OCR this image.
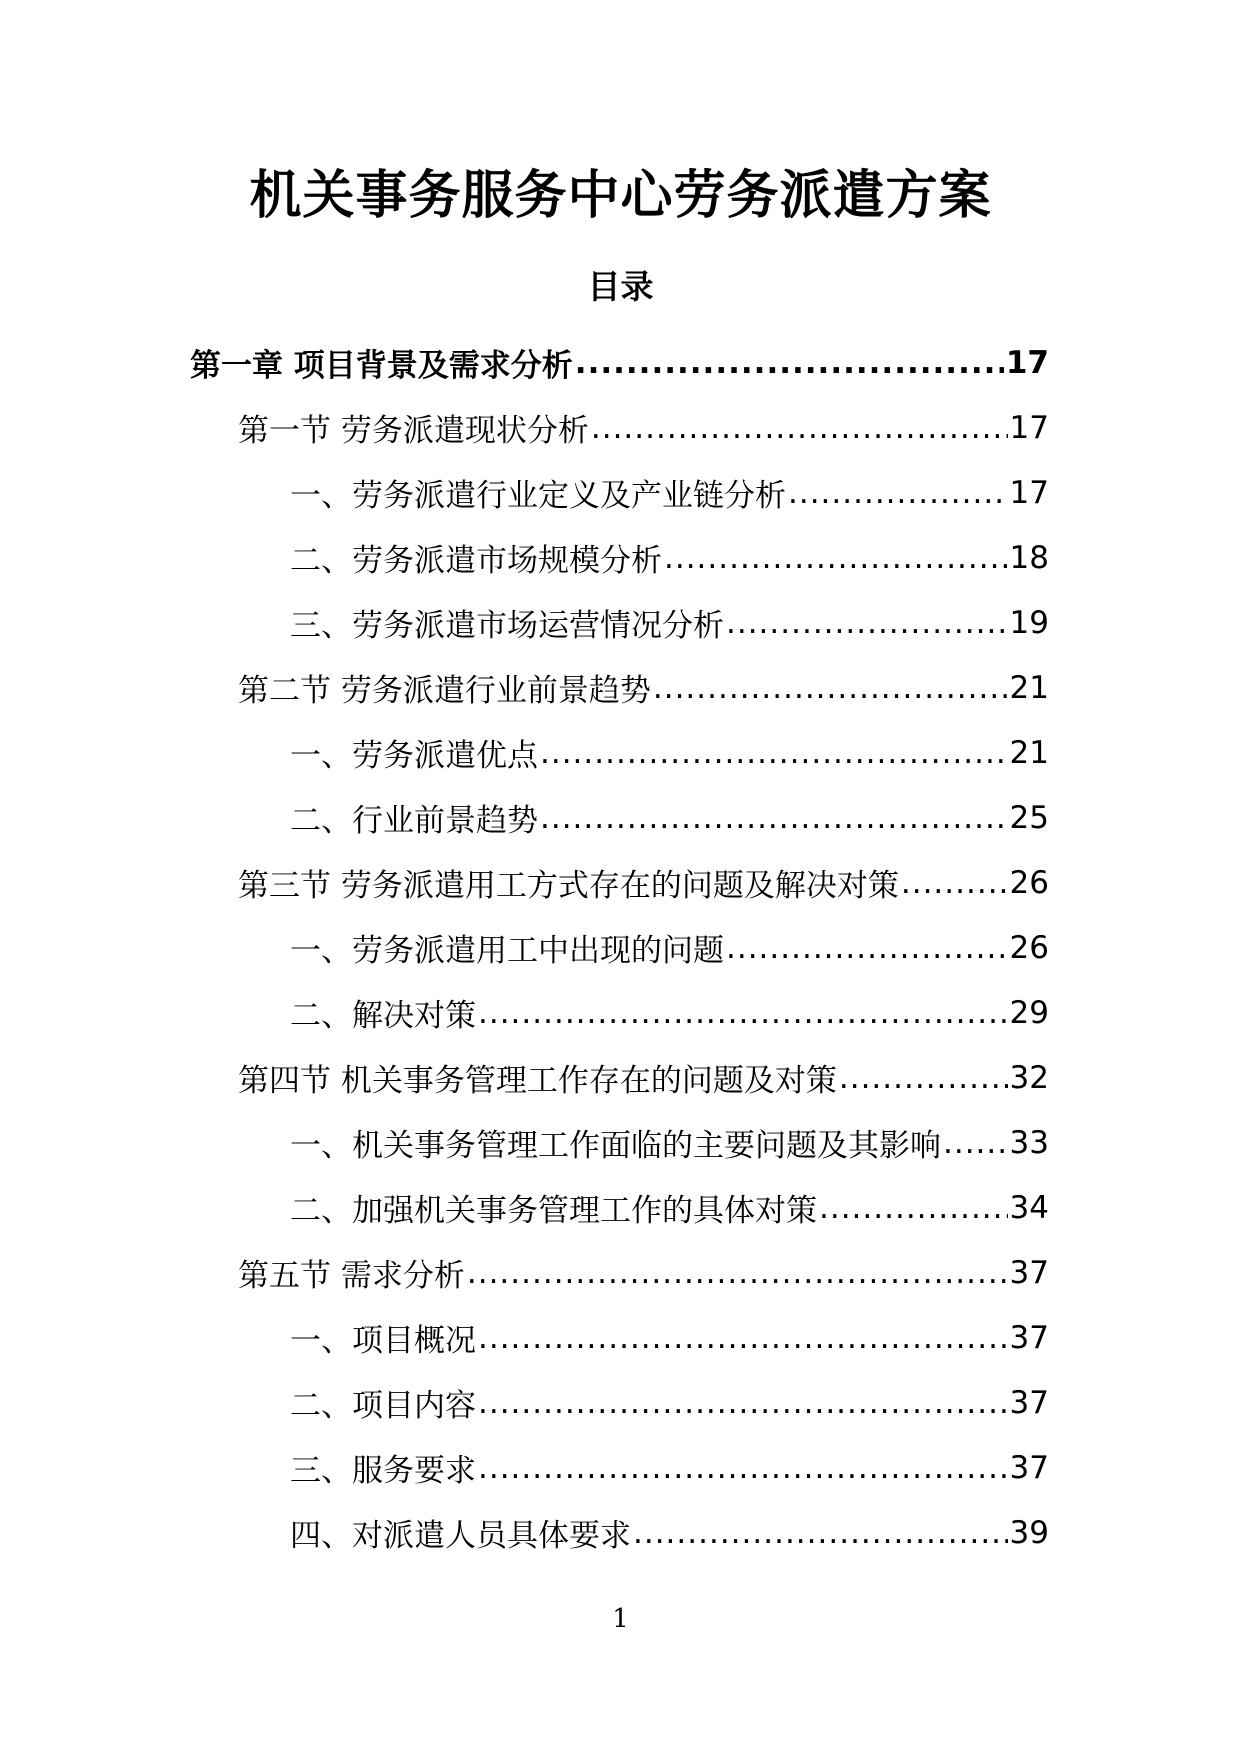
机关事务服务中心劳务派遣方案
目录
第一章 项目背景及需求分析 .....	17
第一节 劳务派遣现状分析 .....	17
一、劳务派遣行业定义及产业链分析 .....	17
二、劳务派遣市场规模分析 .....	18
三、劳务派遣市场运营情况分析 .....	19
第二节 劳务派遣行业前景趋势 .....	21
一、劳务派遣优点 .....	21
二、行业前景趋势 .....	25
第三节 劳务派遣用工方式存在的问题及解决对策 .....	26
一、劳务派遣用工中出现的问题 .....	26
二、解决对策 .....	29
第四节 机关事务管理工作存在的问题及对策 .....	32
一、机关事务管理工作面临的主要问题及其影响 ..... 33
二、加强机关事务管理工作的具体对策 .....	34
第五节 需求分析 .....	37
一、项目概况 .....	37
二、项目内容 .....	37
三、服务要求 .....	37
四、对派遣人员具体要求 .....	39
1
